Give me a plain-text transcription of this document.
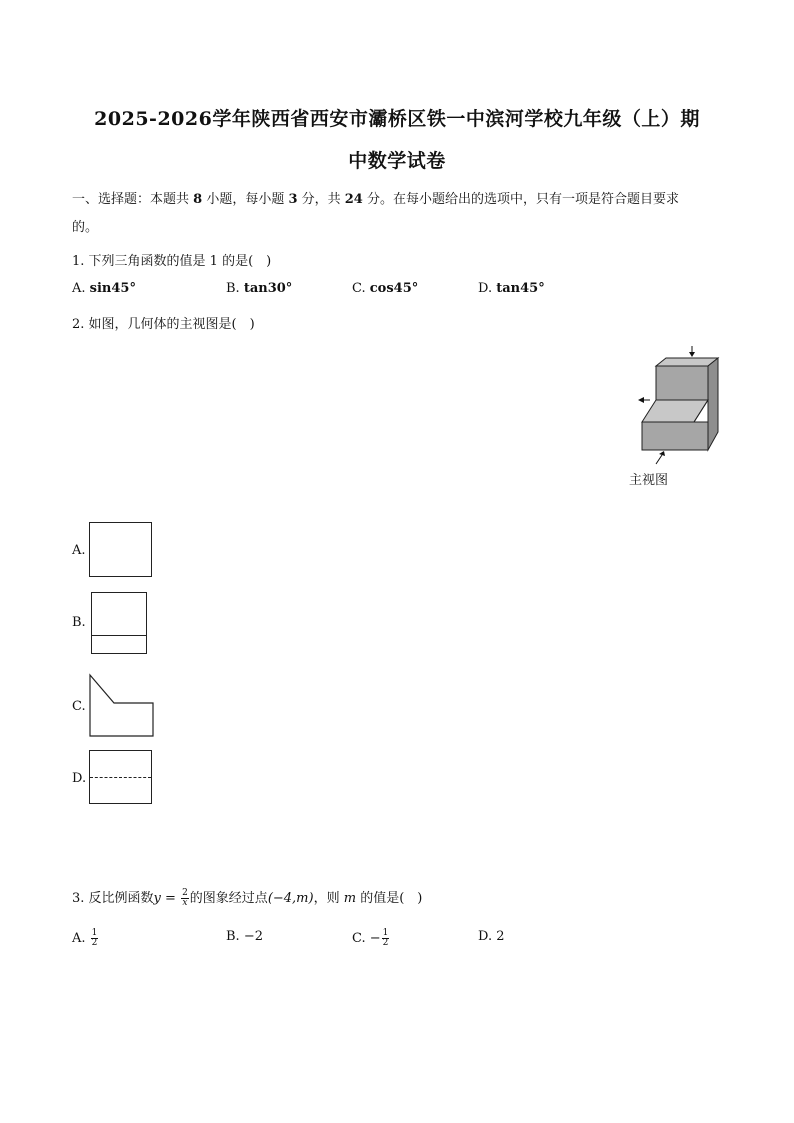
2025-2026学年陕西省西安市灞桥区铁一中滨河学校九年级（上）期
中数学试卷
一、选择题：本题共 8 小题，每小题 3 分，共 24 分。在每小题给出的选项中，只有一项是符合题目要求
的。
1. 下列三角函数的值是 1 的是(　)
A. sin45°	B. tan30°	C. cos45°	D. tan45°
2. 如图，几何体的主视图是(　)
主视图
A.
B.
C.
D.
3. 反比例函数$y = \frac{2}{x}$ 的图象经过点(−4,m)，则 m 的值是(　)
A. $\frac{1}{2}$	B. −2	C. − $\frac{1}{2}$	D. 2
